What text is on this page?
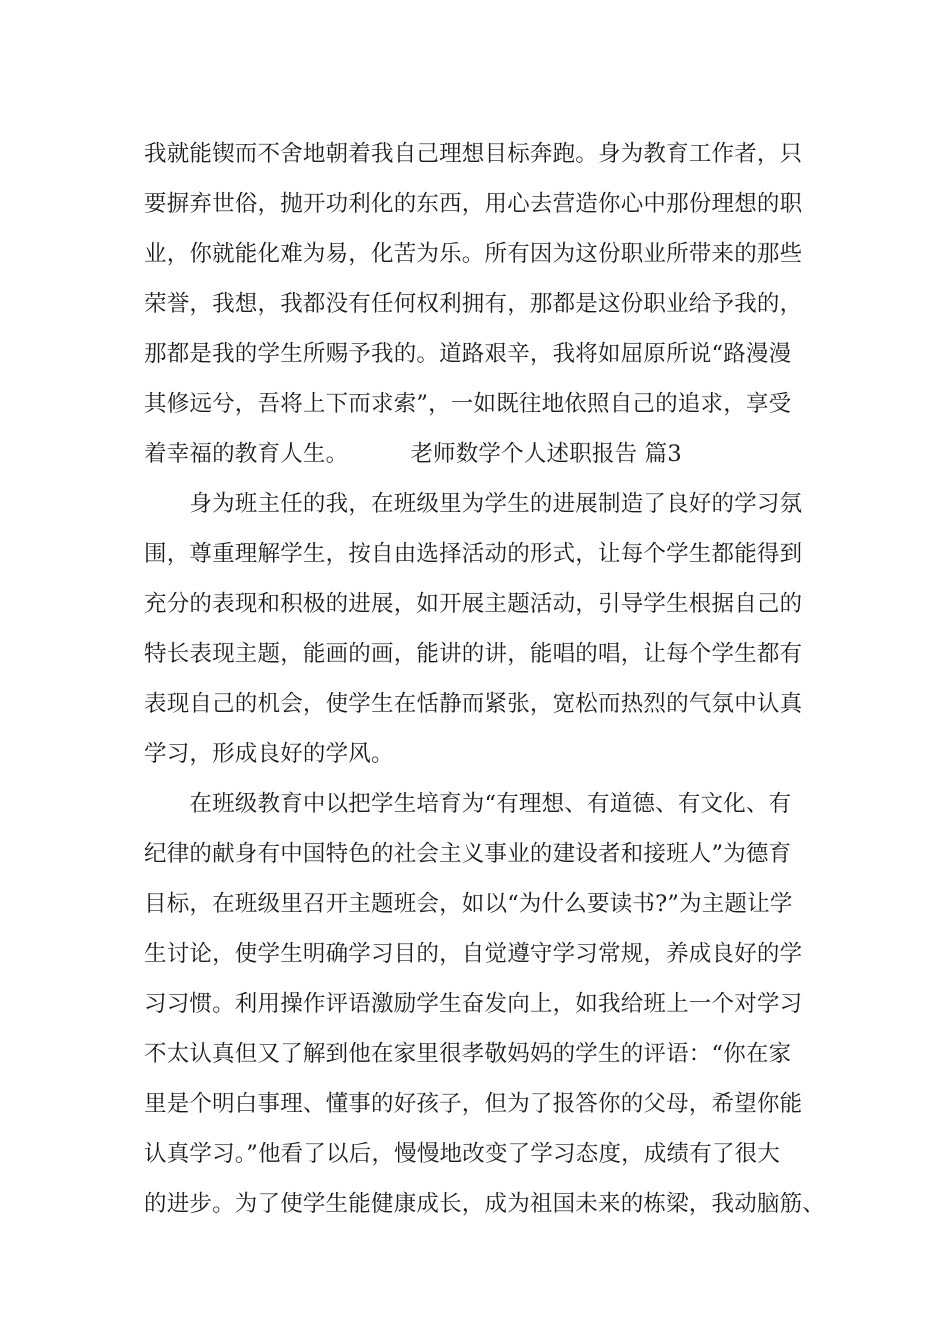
我就能锲而不舍地朝着我自己理想目标奔跑。身为教育工作者，只
要摒弃世俗，抛开功利化的东西，用心去营造你心中那份理想的职
业，你就能化难为易，化苦为乐。所有因为这份职业所带来的那些
荣誉，我想，我都没有任何权利拥有，那都是这份职业给予我的，
那都是我的学生所赐予我的。道路艰辛，我将如屈原所说“路漫漫
其修远兮，吾将上下而求索”，一如既往地依照自己的追求，享受
着幸福的教育人生。	老师数学个人述职报告 篇3
　　身为班主任的我，在班级里为学生的进展制造了良好的学习氛
围，尊重理解学生，按自由选择活动的形式，让每个学生都能得到
充分的表现和积极的进展，如开展主题活动，引导学生根据自己的
特长表现主题，能画的画，能讲的讲，能唱的唱，让每个学生都有
表现自己的机会，使学生在恬静而紧张，宽松而热烈的气氛中认真
学习，形成良好的学风。
　　在班级教育中以把学生培育为“有理想、有道德、有文化、有
纪律的献身有中国特色的社会主义事业的建设者和接班人”为德育
目标，在班级里召开主题班会，如以“为什么要读书?”为主题让学
生讨论，使学生明确学习目的，自觉遵守学习常规，养成良好的学
习习惯。利用操作评语激励学生奋发向上，如我给班上一个对学习
不太认真但又了解到他在家里很孝敬妈妈的学生的评语：“你在家
里是个明白事理、懂事的好孩子，但为了报答你的父母，希望你能
认真学习。”他看了以后，慢慢地改变了学习态度，成绩有了很大
的进步。为了使学生能健康成长，成为祖国未来的栋梁，我动脑筋、
